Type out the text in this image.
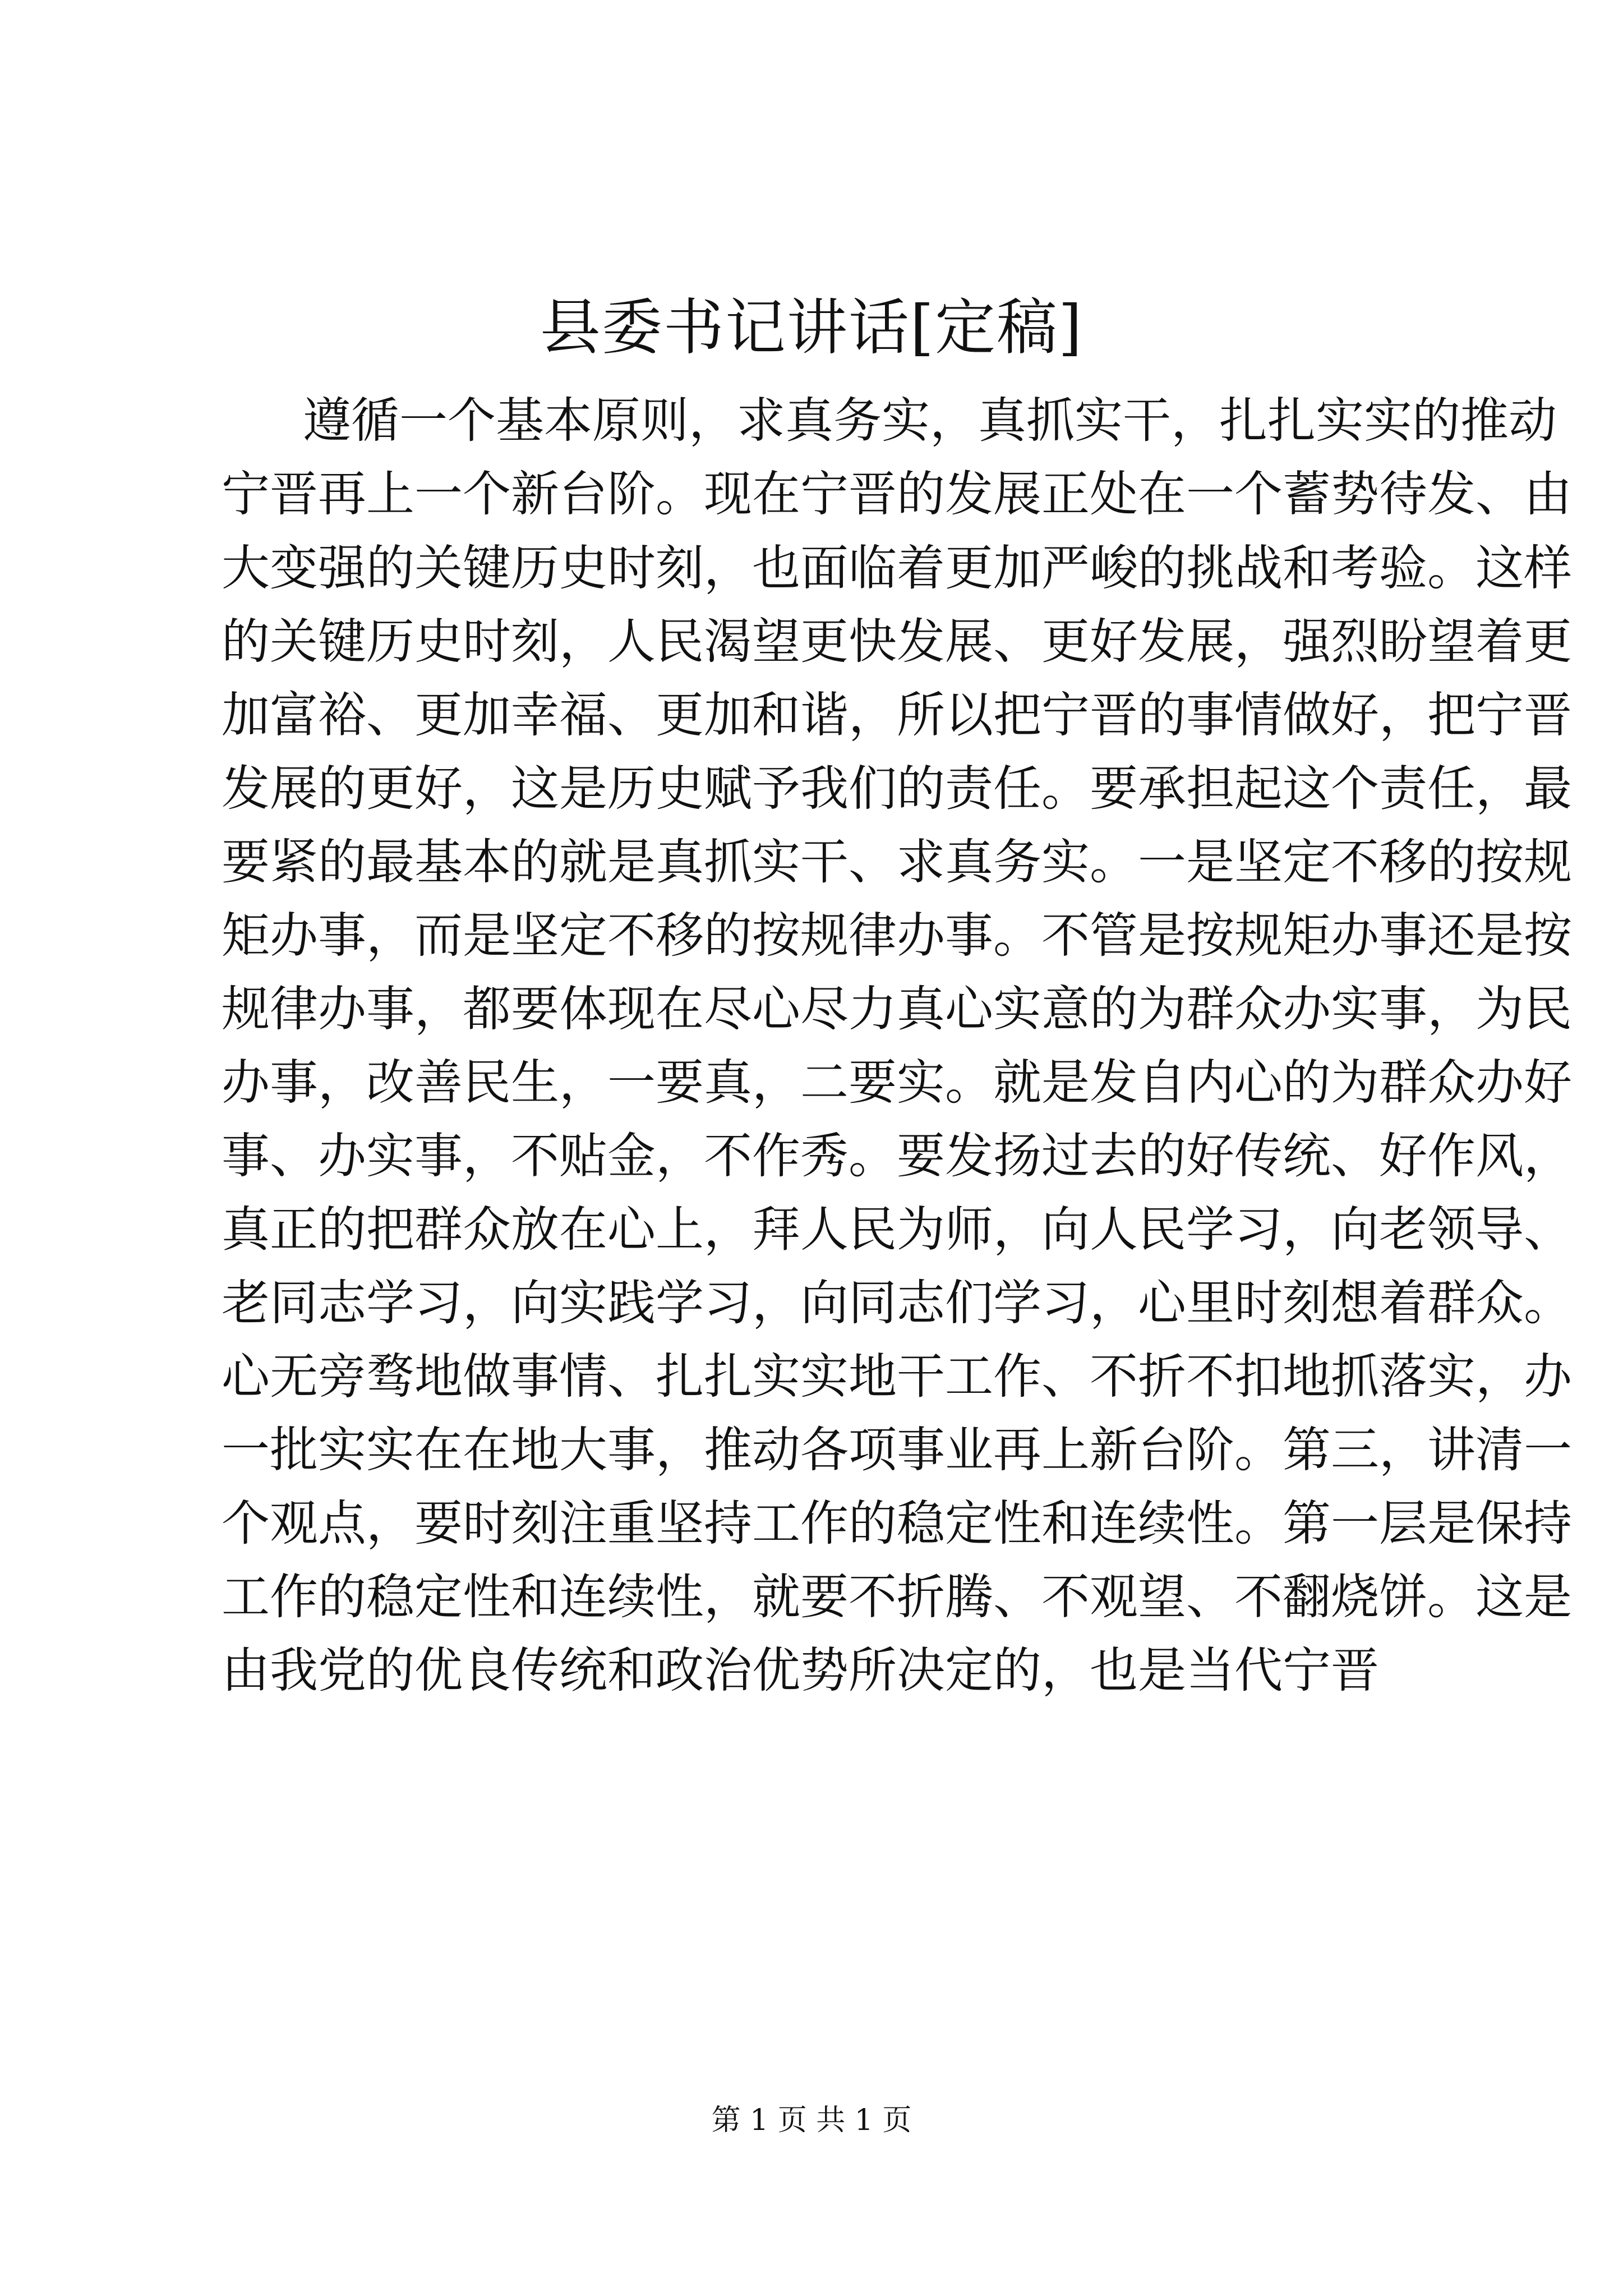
县委书记讲话[定稿]
遵循一个基本原则，求真务实，真抓实干，扎扎实实的推动
宁晋再上一个新台阶。现在宁晋的发展正处在一个蓄势待发、由
大变强的关键历史时刻，也面临着更加严峻的挑战和考验。这样
的关键历史时刻，人民渴望更快发展、更好发展，强烈盼望着更
加富裕、更加幸福、更加和谐，所以把宁晋的事情做好，把宁晋
发展的更好，这是历史赋予我们的责任。要承担起这个责任，最
要紧的最基本的就是真抓实干、求真务实。一是坚定不移的按规
矩办事，而是坚定不移的按规律办事。不管是按规矩办事还是按
规律办事，都要体现在尽心尽力真心实意的为群众办实事，为民
办事，改善民生，一要真，二要实。就是发自内心的为群众办好
事、办实事，不贴金，不作秀。要发扬过去的好传统、好作风，
真正的把群众放在心上，拜人民为师，向人民学习，向老领导、
老同志学习，向实践学习，向同志们学习，心里时刻想着群众。
心无旁骛地做事情、扎扎实实地干工作、不折不扣地抓落实，办
一批实实在在地大事，推动各项事业再上新台阶。第三，讲清一
个观点，要时刻注重坚持工作的稳定性和连续性。第一层是保持
工作的稳定性和连续性，就要不折腾、不观望、不翻烧饼。这是
由我党的优良传统和政治优势所决定的，也是当代宁晋
第 1 页 共 1 页
